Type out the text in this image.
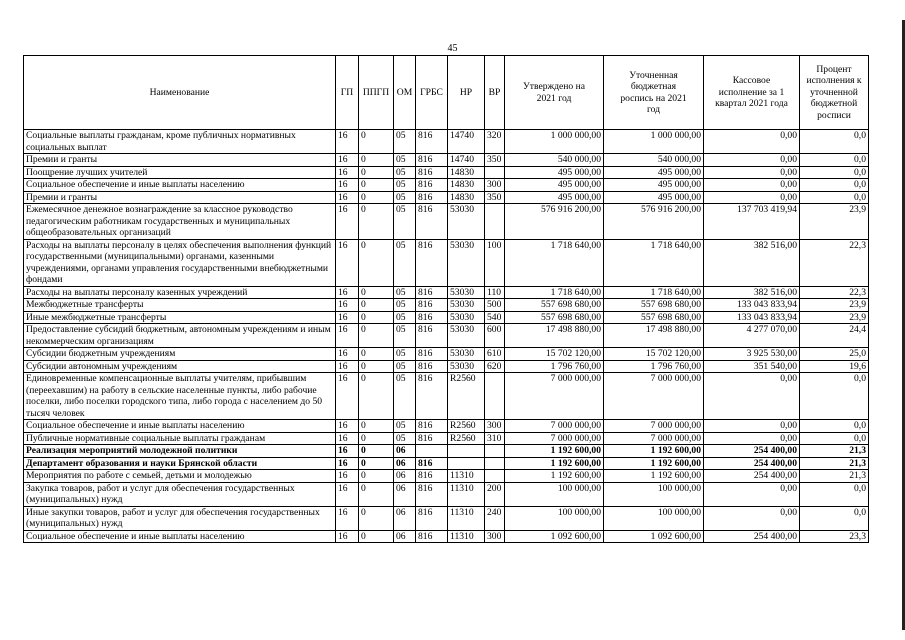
45
Наименование	ГП	ППГП	ОМ	ГРБС	НР	ВР	Утверждено на 2021 год	Уточненная бюджетная роспись на 2021 год	Кассовое исполнение за 1 квартал 2021 года	Процент исполнения к уточненной бюджетной росписи
Социальные выплаты гражданам, кроме публичных нормативных социальных выплат	16	0	05	816	14740	320	1 000 000,00	1 000 000,00	0,00	0,0
Премии и гранты	16	0	05	816	14740	350	540 000,00	540 000,00	0,00	0,0
Поощрение лучших учителей	16	0	05	816	14830		495 000,00	495 000,00	0,00	0,0
Социальное обеспечение и иные выплаты населению	16	0	05	816	14830	300	495 000,00	495 000,00	0,00	0,0
Премии и гранты	16	0	05	816	14830	350	495 000,00	495 000,00	0,00	0,0
Ежемесячное денежное вознаграждение за классное руководство педагогическим работникам государственных и муниципальных общеобразовательных организаций	16	0	05	816	53030		576 916 200,00	576 916 200,00	137 703 419,94	23,9
Расходы на выплаты персоналу в целях обеспечения выполнения функций государственными (муниципальными) органами, казенными учреждениями, органами управления государственными внебюджетными фондами	16	0	05	816	53030	100	1 718 640,00	1 718 640,00	382 516,00	22,3
Расходы на выплаты персоналу казенных учреждений	16	0	05	816	53030	110	1 718 640,00	1 718 640,00	382 516,00	22,3
Межбюджетные трансферты	16	0	05	816	53030	500	557 698 680,00	557 698 680,00	133 043 833,94	23,9
Иные межбюджетные трансферты	16	0	05	816	53030	540	557 698 680,00	557 698 680,00	133 043 833,94	23,9
Предоставление субсидий бюджетным, автономным учреждениям и иным некоммерческим организациям	16	0	05	816	53030	600	17 498 880,00	17 498 880,00	4 277 070,00	24,4
Субсидии бюджетным учреждениям	16	0	05	816	53030	610	15 702 120,00	15 702 120,00	3 925 530,00	25,0
Субсидии автономным учреждениям	16	0	05	816	53030	620	1 796 760,00	1 796 760,00	351 540,00	19,6
Единовременные компенсационные выплаты учителям, прибывшим (переехавшим) на работу в сельские населенные пункты, либо рабочие поселки, либо поселки городского типа, либо города с населением до 50 тысяч человек	16	0	05	816	R2560		7 000 000,00	7 000 000,00	0,00	0,0
Социальное обеспечение и иные выплаты населению	16	0	05	816	R2560	300	7 000 000,00	7 000 000,00	0,00	0,0
Публичные нормативные социальные выплаты гражданам	16	0	05	816	R2560	310	7 000 000,00	7 000 000,00	0,00	0,0
Реализация мероприятий молодежной политики	16	0	06				1 192 600,00	1 192 600,00	254 400,00	21,3
Департамент образования и науки Брянской области	16	0	06	816			1 192 600,00	1 192 600,00	254 400,00	21,3
Мероприятия по работе с семьей, детьми и молодежью	16	0	06	816	11310		1 192 600,00	1 192 600,00	254 400,00	21,3
Закупка товаров, работ и услуг для обеспечения государственных (муниципальных) нужд	16	0	06	816	11310	200	100 000,00	100 000,00	0,00	0,0
Иные закупки товаров, работ и услуг для обеспечения государственных (муниципальных) нужд	16	0	06	816	11310	240	100 000,00	100 000,00	0,00	0,0
Социальное обеспечение и иные выплаты населению	16	0	06	816	11310	300	1 092 600,00	1 092 600,00	254 400,00	23,3
